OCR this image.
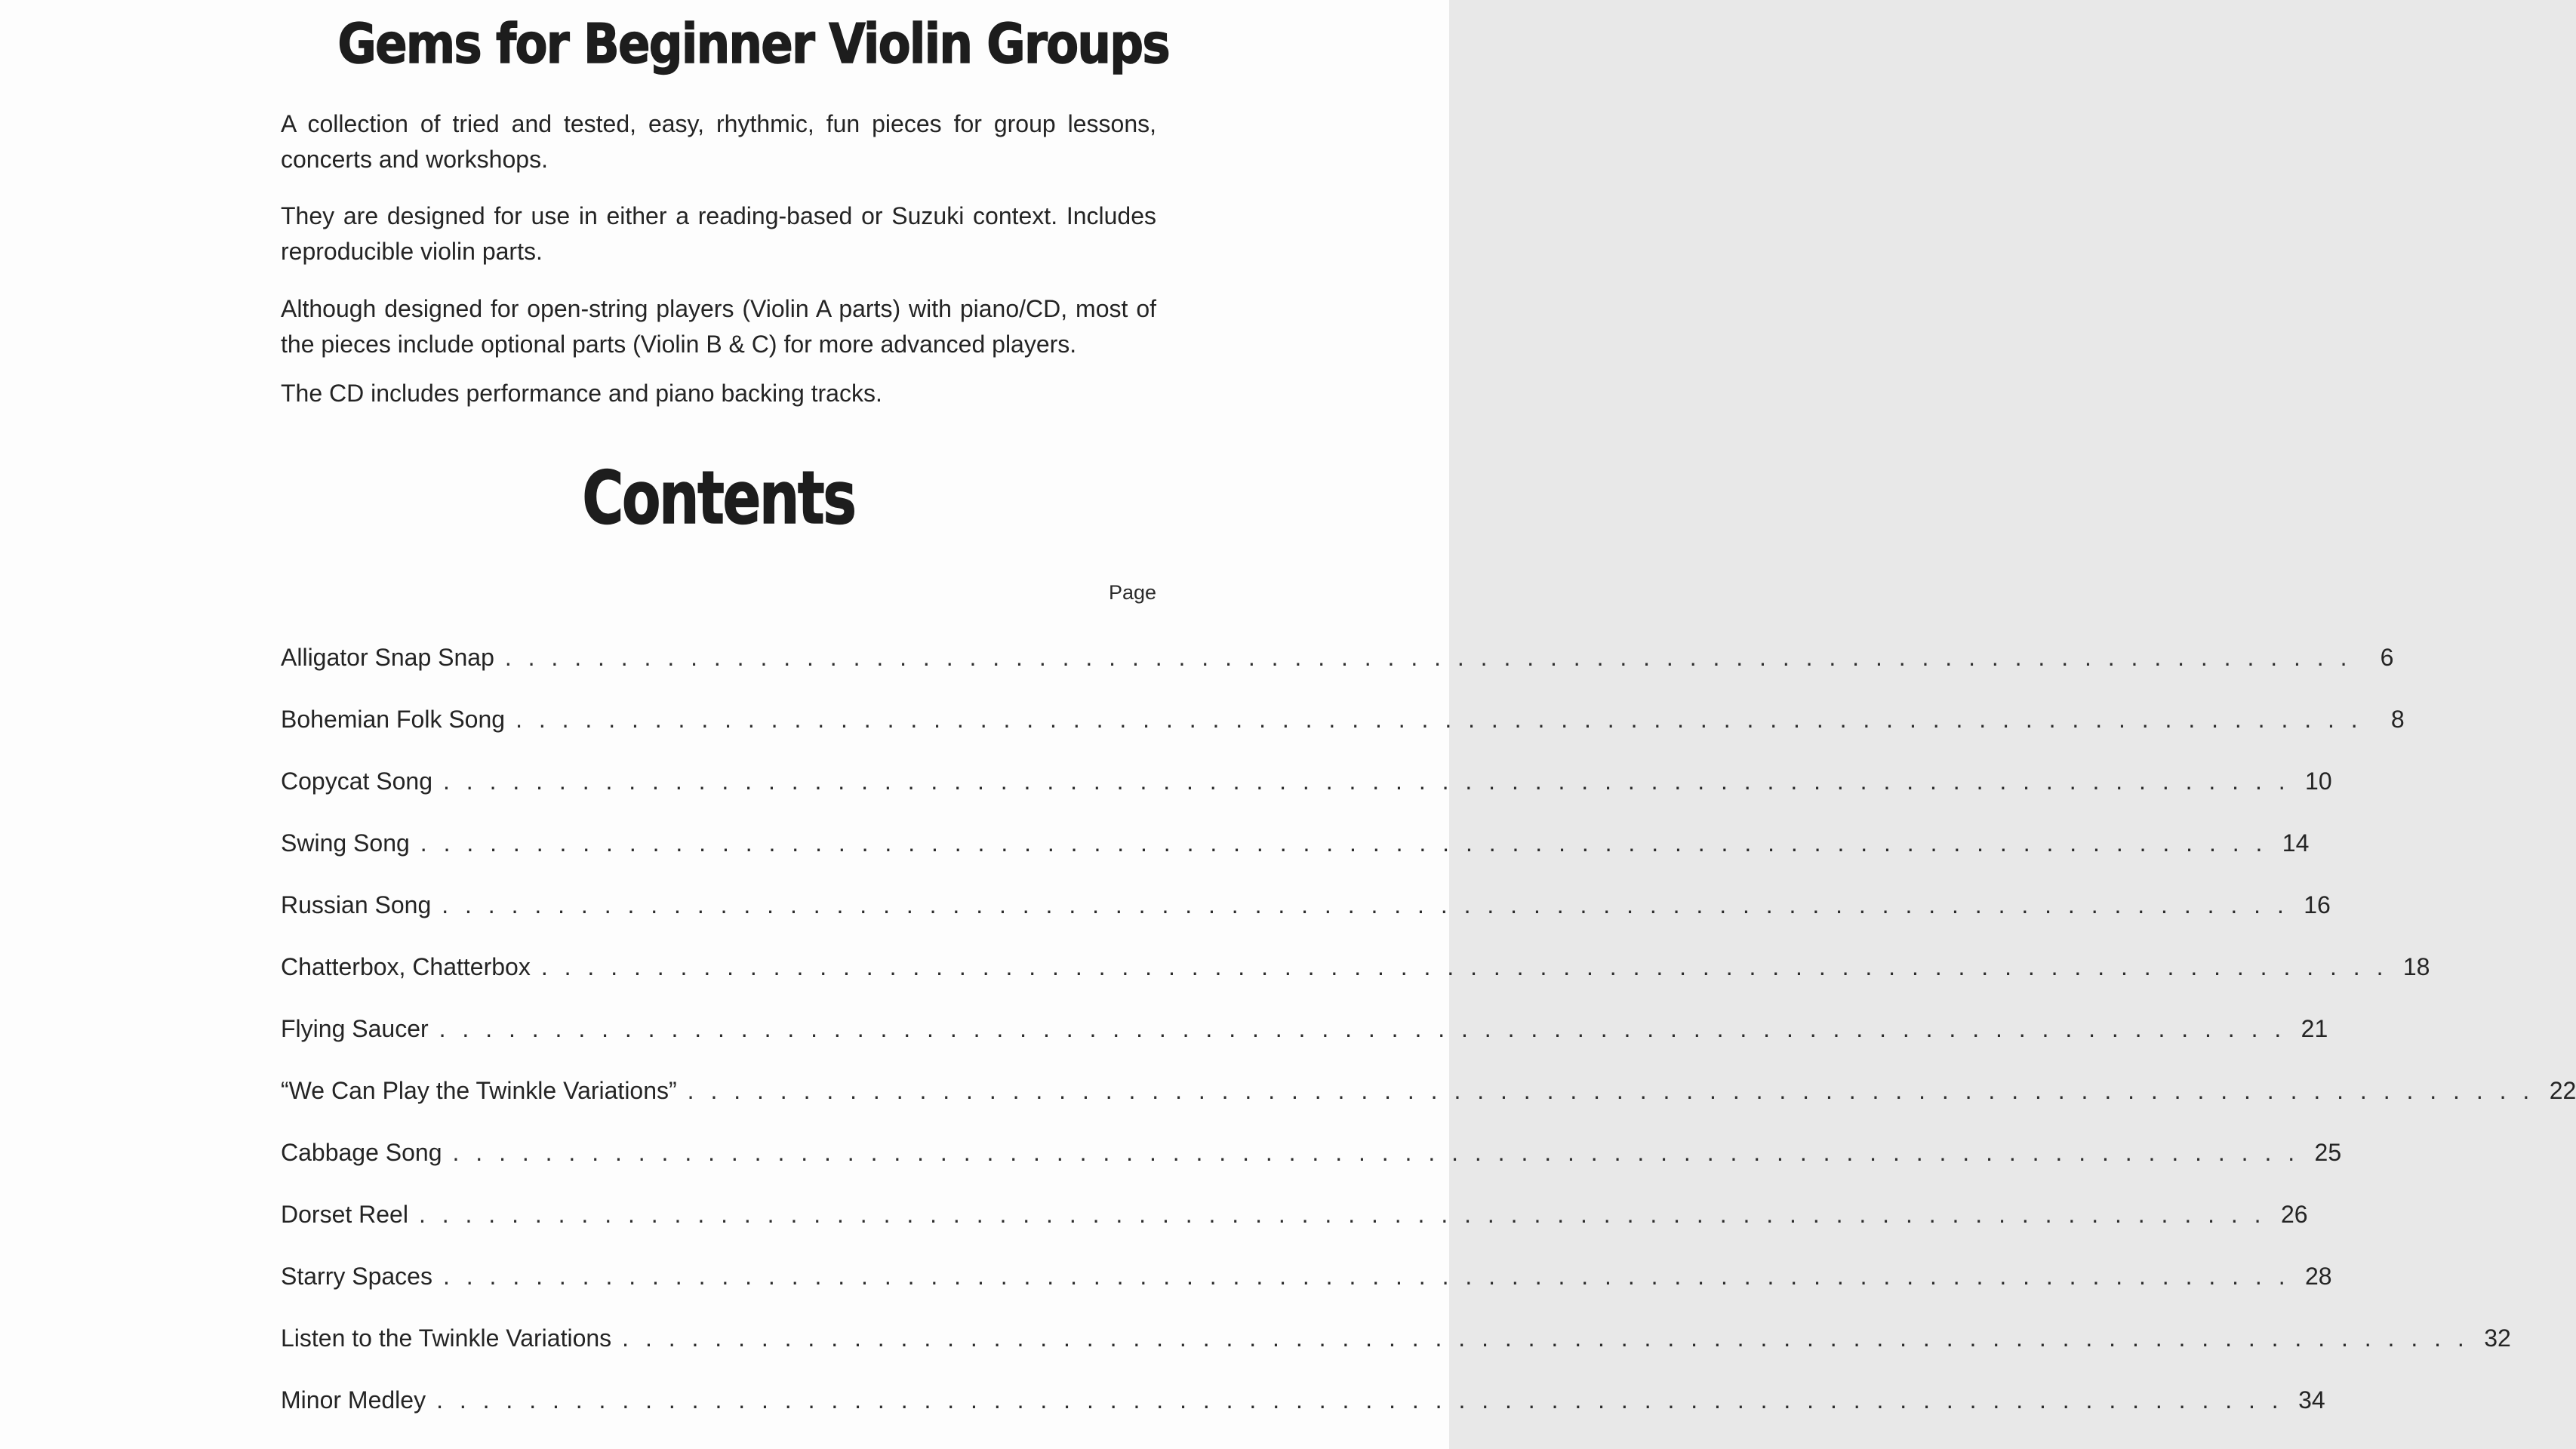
Gems for Beginner Violin Groups
A collection of tried and tested, easy, rhythmic, fun pieces for group lessons,
concerts and workshops.
They are designed for use in either a reading-based or Suzuki context. Includes
reproducible violin parts.
Although designed for open-string players (Violin A parts) with piano/CD, most of
the pieces include optional parts (Violin B & C) for more advanced players.
The CD includes performance and piano backing tracks.
Contents
Page
Alligator Snap Snap . . . . . . . . . . . . . . . . . . . . . . . . . . . . . . . . . . . . . . . . . . . . . . . . . . . . . . . . . . . . . . . . . . . . . . . . . . . . . . . .	6
Bohemian Folk Song . . . . . . . . . . . . . . . . . . . . . . . . . . . . . . . . . . . . . . . . . . . . . . . . . . . . . . . . . . . . . . . . . . . . . . . . . . . . . . . .	8
Copycat Song . . . . . . . . . . . . . . . . . . . . . . . . . . . . . . . . . . . . . . . . . . . . . . . . . . . . . . . . . . . . . . . . . . . . . . . . . . . . . . . . 10
Swing Song . . . . . . . . . . . . . . . . . . . . . . . . . . . . . . . . . . . . . . . . . . . . . . . . . . . . . . . . . . . . . . . . . . . . . . . . . . . . . . . . 14
Russian Song . . . . . . . . . . . . . . . . . . . . . . . . . . . . . . . . . . . . . . . . . . . . . . . . . . . . . . . . . . . . . . . . . . . . . . . . . . . . . . . . 16
Chatterbox, Chatterbox . . . . . . . . . . . . . . . . . . . . . . . . . . . . . . . . . . . . . . . . . . . . . . . . . . . . . . . . . . . . . . . . . . . . . . . . . . . . . . . . 18
Flying Saucer . . . . . . . . . . . . . . . . . . . . . . . . . . . . . . . . . . . . . . . . . . . . . . . . . . . . . . . . . . . . . . . . . . . . . . . . . . . . . . . . 21
“We Can Play the Twinkle Variations” . . . . . . . . . . . . . . . . . . . . . . . . . . . . . . . . . . . . . . . . . . . . . . . . . . . . . . . . . . . . . . . . . . . . . . . . . . . . . . . . 22
Cabbage Song . . . . . . . . . . . . . . . . . . . . . . . . . . . . . . . . . . . . . . . . . . . . . . . . . . . . . . . . . . . . . . . . . . . . . . . . . . . . . . . . 25
Dorset Reel . . . . . . . . . . . . . . . . . . . . . . . . . . . . . . . . . . . . . . . . . . . . . . . . . . . . . . . . . . . . . . . . . . . . . . . . . . . . . . . . 26
Starry Spaces . . . . . . . . . . . . . . . . . . . . . . . . . . . . . . . . . . . . . . . . . . . . . . . . . . . . . . . . . . . . . . . . . . . . . . . . . . . . . . . . 28
Listen to the Twinkle Variations . . . . . . . . . . . . . . . . . . . . . . . . . . . . . . . . . . . . . . . . . . . . . . . . . . . . . . . . . . . . . . . . . . . . . . . . . . . . . . . . 32
Minor Medley . . . . . . . . . . . . . . . . . . . . . . . . . . . . . . . . . . . . . . . . . . . . . . . . . . . . . . . . . . . . . . . . . . . . . . . . . . . . . . . . 34
